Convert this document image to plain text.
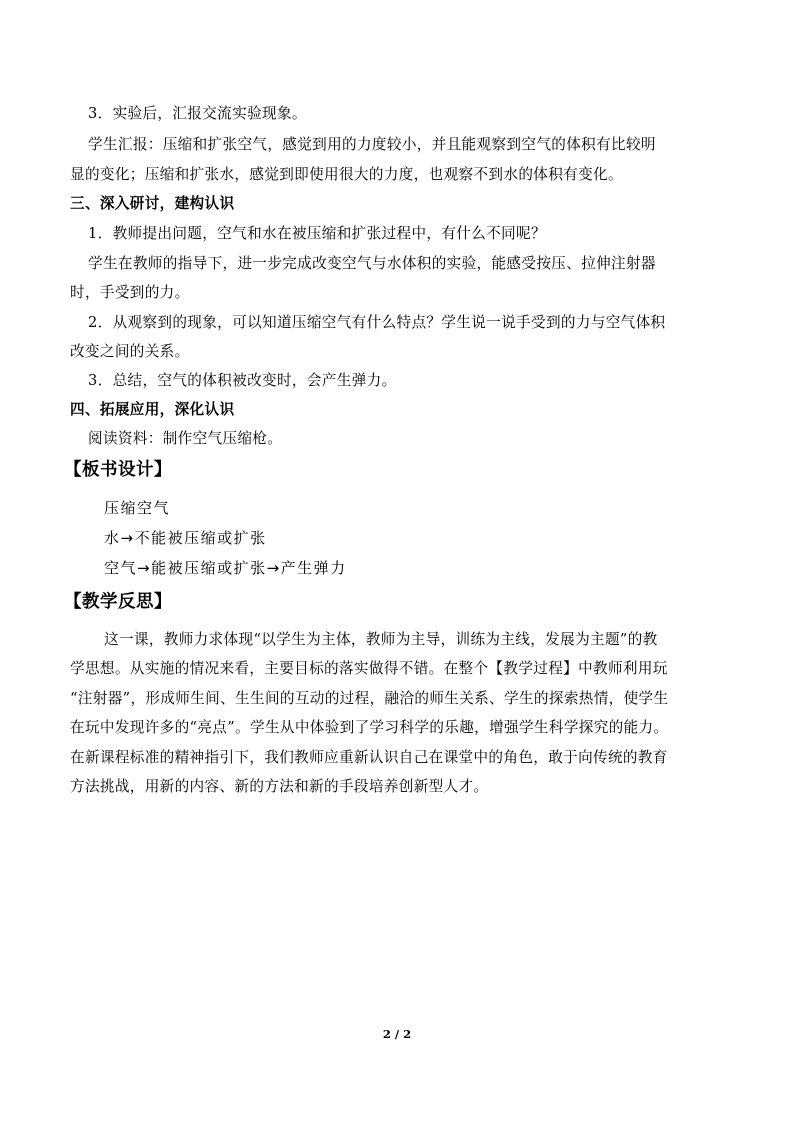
3．实验后，汇报交流实验现象。
学生汇报：压缩和扩张空气，感觉到用的力度较小，并且能观察到空气的体积有比较明
显的变化；压缩和扩张水，感觉到即使用很大的力度，也观察不到水的体积有变化。
三、深入研讨，建构认识
1．教师提出问题，空气和水在被压缩和扩张过程中，有什么不同呢？
学生在教师的指导下，进一步完成改变空气与水体积的实验，能感受按压、拉伸注射器
时，手受到的力。
2．从观察到的现象，可以知道压缩空气有什么特点？学生说一说手受到的力与空气体积
改变之间的关系。
3．总结，空气的体积被改变时，会产生弹力。
四、拓展应用，深化认识
阅读资料：制作空气压缩枪。
【板书设计】
压缩空气
水→不能被压缩或扩张
空气→能被压缩或扩张→产生弹力
【教学反思】
这一课，教师力求体现“以学生为主体，教师为主导，训练为主线，发展为主题”的教
学思想。从实施的情况来看，主要目标的落实做得不错。在整个【教学过程】中教师利用玩
“注射器”，形成师生间、生生间的互动的过程，融洽的师生关系、学生的探索热情，使学生
在玩中发现许多的“亮点”。学生从中体验到了学习科学的乐趣，增强学生科学探究的能力。
在新课程标准的精神指引下，我们教师应重新认识自己在课堂中的角色，敢于向传统的教育
方法挑战，用新的内容、新的方法和新的手段培养创新型人才。
2 / 2
